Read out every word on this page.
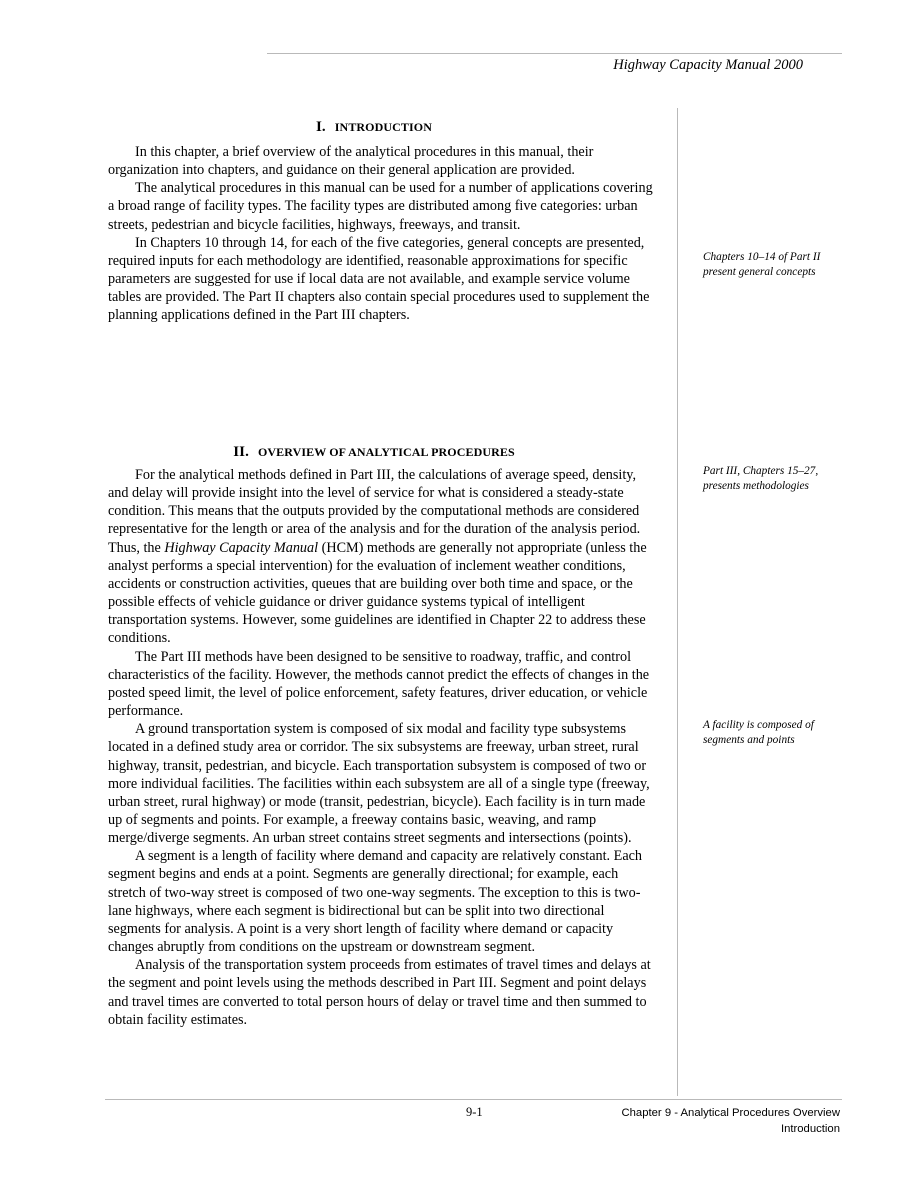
Highway Capacity Manual 2000
I. INTRODUCTION

In this chapter, a brief overview of the analytical procedures in this manual, their organization into chapters, and guidance on their general application are provided.

The analytical procedures in this manual can be used for a number of applications covering a broad range of facility types. The facility types are distributed among five categories: urban streets, pedestrian and bicycle facilities, highways, freeways, and transit.

In Chapters 10 through 14, for each of the five categories, general concepts are presented, required inputs for each methodology are identified, reasonable approximations for specific parameters are suggested for use if local data are not available, and example service volume tables are provided. The Part II chapters also contain special procedures used to supplement the planning applications defined in the Part III chapters.

II. OVERVIEW OF ANALYTICAL PROCEDURES

For the analytical methods defined in Part III, the calculations of average speed, density, and delay will provide insight into the level of service for what is considered a steady-state condition. This means that the outputs provided by the computational methods are considered representative for the length or area of the analysis and for the duration of the analysis period. Thus, the Highway Capacity Manual (HCM) methods are generally not appropriate (unless the analyst performs a special intervention) for the evaluation of inclement weather conditions, accidents or construction activities, queues that are building over both time and space, or the possible effects of vehicle guidance or driver guidance systems typical of intelligent transportation systems. However, some guidelines are identified in Chapter 22 to address these conditions.

The Part III methods have been designed to be sensitive to roadway, traffic, and control characteristics of the facility. However, the methods cannot predict the effects of changes in the posted speed limit, the level of police enforcement, safety features, driver education, or vehicle performance.

A ground transportation system is composed of six modal and facility type subsystems located in a defined study area or corridor. The six subsystems are freeway, urban street, rural highway, transit, pedestrian, and bicycle. Each transportation subsystem is composed of two or more individual facilities. The facilities within each subsystem are all of a single type (freeway, urban street, rural highway) or mode (transit, pedestrian, bicycle). Each facility is in turn made up of segments and points. For example, a freeway contains basic, weaving, and ramp merge/diverge segments. An urban street contains street segments and intersections (points).

A segment is a length of facility where demand and capacity are relatively constant. Each segment begins and ends at a point. Segments are generally directional; for example, each stretch of two-way street is composed of two one-way segments. The exception to this is two-lane highways, where each segment is bidirectional but can be split into two directional segments for analysis. A point is a very short length of facility where demand or capacity changes abruptly from conditions on the upstream or downstream segment.

Analysis of the transportation system proceeds from estimates of travel times and delays at the segment and point levels using the methods described in Part III. Segment and point delays and travel times are converted to total person hours of delay or travel time and then summed to obtain facility estimates.

Chapters 10–14 of Part II present general concepts
Part III, Chapters 15–27, presents methodologies
A facility is composed of segments and points
9-1	Chapter 9 - Analytical Procedures Overview
Introduction
